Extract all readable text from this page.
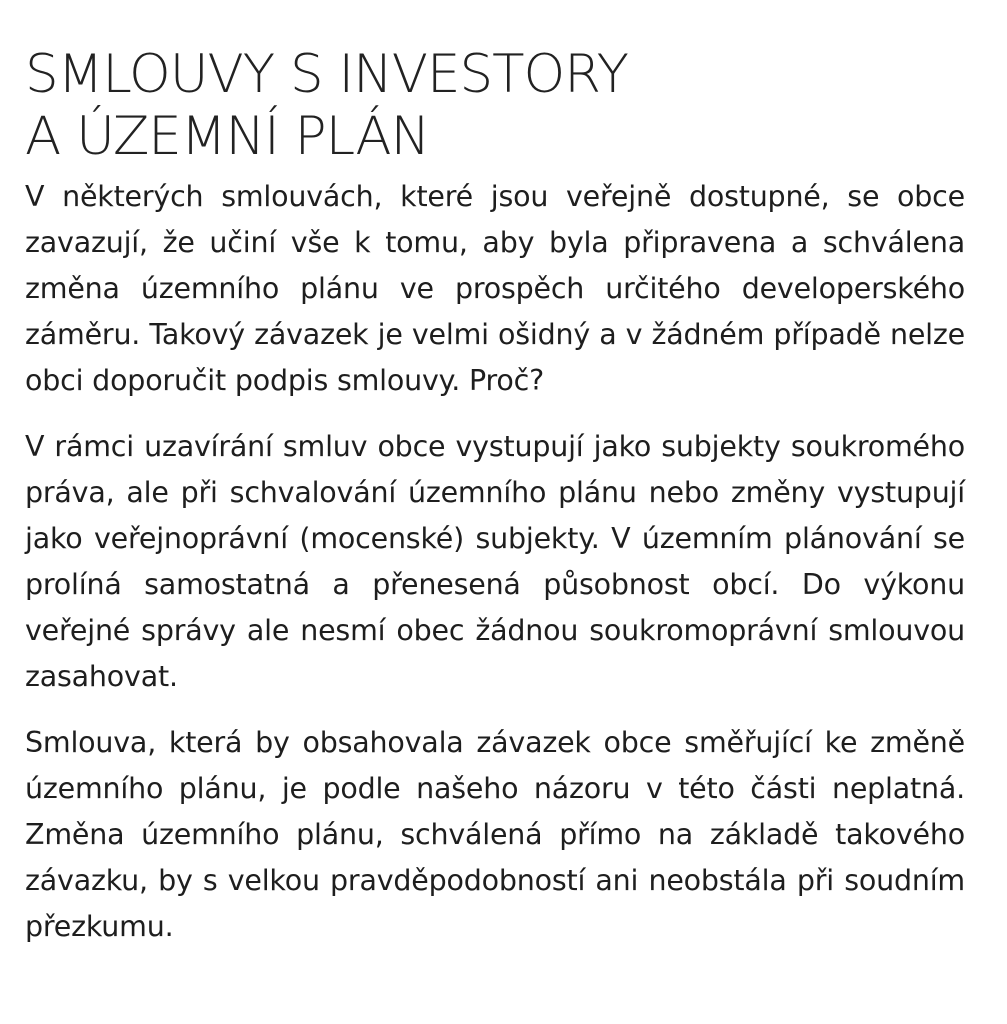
SMLOUVY S INVESTORY
A ÚZEMNÍ PLÁN

V některých smlouvách, které jsou veřejně dostupné, se obce zavazují, že učiní vše k tomu, aby byla připravena a schválena změna územního plánu ve prospěch určitého developerského záměru. Takový závazek je velmi ošidný a v žádném případě nelze obci doporučit podpis smlouvy. Proč?

V rámci uzavírání smluv obce vystupují jako subjekty soukromého práva, ale při schvalování územního plánu nebo změny vystupují jako veřejnoprávní (mocenské) subjekty. V územním plánování se prolíná samostatná a přenesená působnost obcí. Do výkonu veřejné správy ale nesmí obec žádnou soukromoprávní smlouvou zasahovat.

Smlouva, která by obsahovala závazek obce směřující ke změně územního plánu, je podle našeho názoru v této části neplatná. Změna územního plánu, schválená přímo na základě takového závazku, by s velkou pravděpodobností ani neobstála při soudním přezkumu.
